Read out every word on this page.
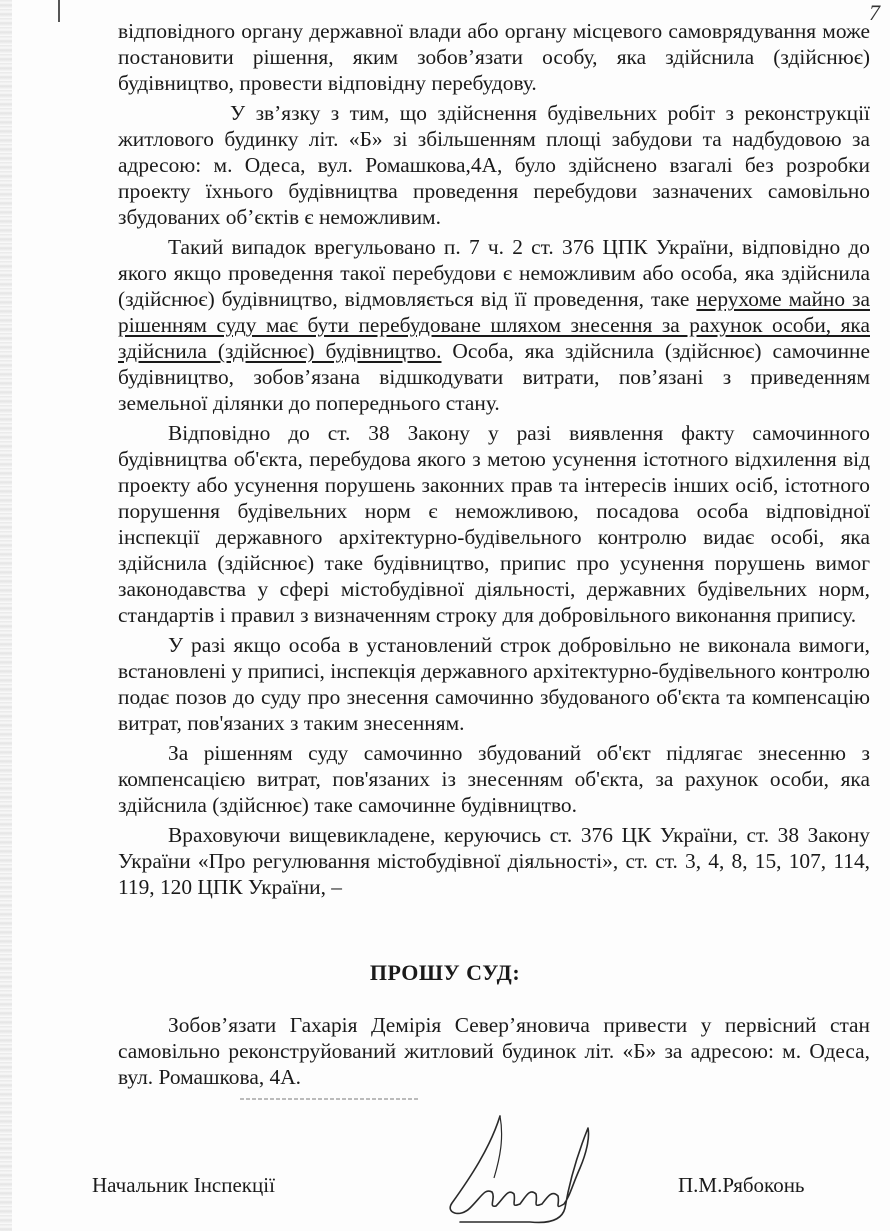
7

відповідного органу державної влади або органу місцевого самоврядування може постановити рішення, яким зобов’язати особу, яка здійснила (здійснює) будівництво, провести відповідну перебудову.

У зв’язку з тим, що здійснення будівельних робіт з реконструкції житлового будинку літ. «Б» зі збільшенням площі забудови та надбудовою за адресою: м. Одеса, вул. Ромашкова,4А, було здійснено взагалі без розробки проекту їхнього будівництва проведення перебудови зазначених самовільно збудованих об’єктів є неможливим.

Такий випадок врегульовано п. 7 ч. 2 ст. 376 ЦПК України, відповідно до якого якщо проведення такої перебудови є неможливим або особа, яка здійснила (здійснює) будівництво, відмовляється від її проведення, таке нерухоме майно за рішенням суду має бути перебудоване шляхом знесення за рахунок особи, яка здійснила (здійснює) будівництво. Особа, яка здійснила (здійснює) самочинне будівництво, зобов’язана відшкодувати витрати, пов’язані з приведенням земельної ділянки до попереднього стану.

Відповідно до ст. 38 Закону у разі виявлення факту самочинного будівництва об'єкта, перебудова якого з метою усунення істотного відхилення від проекту або усунення порушень законних прав та інтересів інших осіб, істотного порушення будівельних норм є неможливою, посадова особа відповідної інспекції державного архітектурно-будівельного контролю видає особі, яка здійснила (здійснює) таке будівництво, припис про усунення порушень вимог законодавства у сфері містобудівної діяльності, державних будівельних норм, стандартів і правил з визначенням строку для добровільного виконання припису.

У разі якщо особа в установлений строк добровільно не виконала вимоги, встановлені у приписі, інспекція державного архітектурно-будівельного контролю подає позов до суду про знесення самочинно збудованого об'єкта та компенсацію витрат, пов'язаних з таким знесенням.

За рішенням суду самочинно збудований об'єкт підлягає знесенню з компенсацією витрат, пов'язаних із знесенням об'єкта, за рахунок особи, яка здійснила (здійснює) таке самочинне будівництво.

Враховуючи вищевикладене, керуючись ст. 376 ЦК України, ст. 38 Закону України «Про регулювання містобудівної діяльності», ст. ст. 3, 4, 8, 15, 107, 114, 119, 120 ЦПК України, –

ПРОШУ СУД:

Зобов’язати Гахарія Демірія Север’яновича привести у первісний стан самовільно реконструйований житловий будинок літ. «Б» за адресою: м. Одеса, вул. Ромашкова, 4А.

Начальник Інспекції	П.М.Рябоконь
